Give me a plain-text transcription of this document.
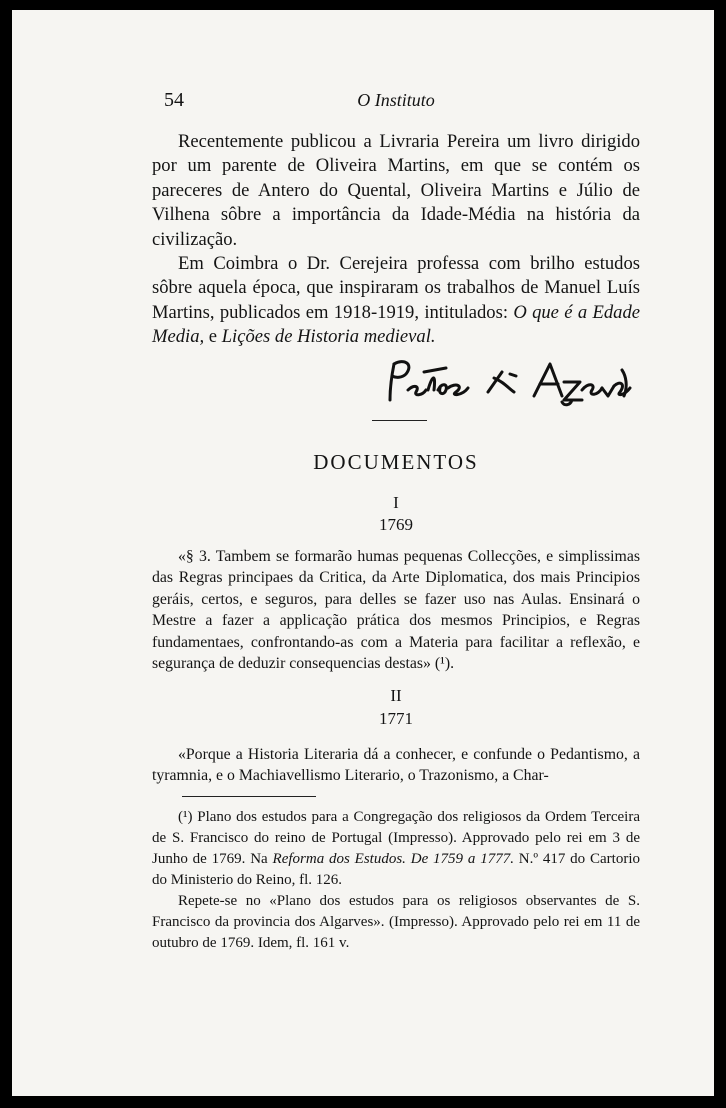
54	O Instituto

Recentemente publicou a Livraria Pereira um livro dirigido por um parente de Oliveira Martins, em que se contém os pareceres de Antero do Quental, Oliveira Martins e Júlio de Vilhena sôbre a importância da Idade-Média na história da civilização.

Em Coimbra o Dr. Cerejeira professa com brilho estudos sôbre aquela época, que inspiraram os trabalhos de Manuel Luís Martins, publicados em 1918-1919, intitulados: O que é a Edade Media, e Lições de Historia medieval.

DOCUMENTOS
I
1769

«§ 3. Tambem se formarão humas pequenas Collecções, e simplissimas das Regras principaes da Critica, da Arte Diplomatica, dos mais Principios geráis, certos, e seguros, para delles se fazer uso nas Aulas. Ensinará o Mestre a fazer a applicação prática dos mesmos Principios, e Regras fundamentaes, confrontando-as com a Materia para facilitar a reflexão, e segurança de deduzir consequencias destas» (¹).

II
1771

«Porque a Historia Literaria dá a conhecer, e confunde o Pedantismo, a tyramnia, e o Machiavellismo Literario, o Trazonismo, a Char-

(¹) Plano dos estudos para a Congregação dos religiosos da Ordem Terceira de S. Francisco do reino de Portugal (Impresso). Approvado pelo rei em 3 de Junho de 1769. Na Reforma dos Estudos. De 1759 a 1777. N.º 417 do Cartorio do Ministerio do Reino, fl. 126.

Repete-se no «Plano dos estudos para os religiosos observantes de S. Francisco da provincia dos Algarves». (Impresso). Approvado pelo rei em 11 de outubro de 1769. Idem, fl. 161 v.
